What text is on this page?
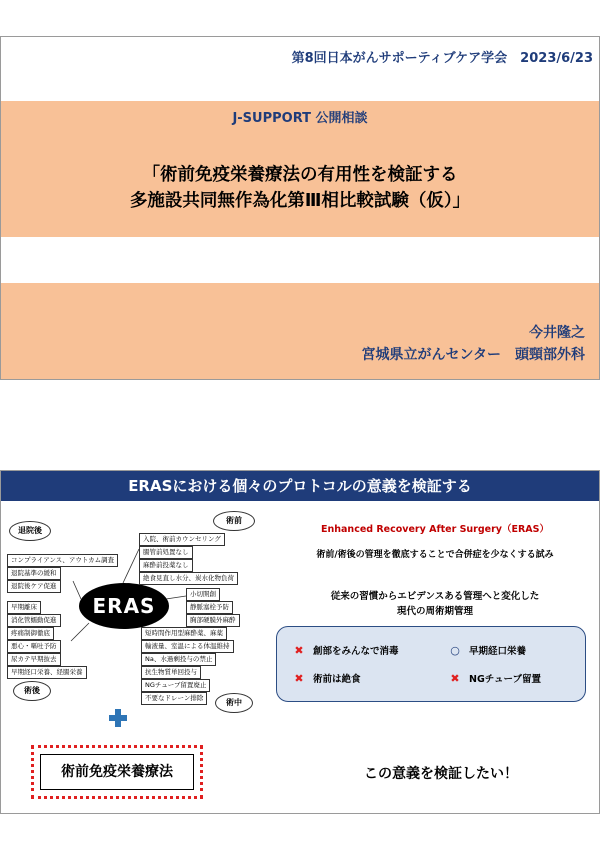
第8回日本がんサポーティブケア学会　2023/6/23
J-SUPPORT 公開相談
「術前免疫栄養療法の有用性を検証する
多施設共同無作為化第Ⅲ相比較試験（仮）」
今井隆之
宮城県立がんセンター　頭頸部外科
ERASにおける個々のプロトコルの意義を検証する
退院後
術前
術後
術中
ERAS
コンプライアンス、アウトカム調査
退院基準の緩和
退院後ケア促進
入院、術前カウンセリング
腸管前処置なし
麻酔前投薬なし
絶食見直し水分、炭水化物負荷
早期離床
消化管蠕動促進
疼痛制御徹底
悪心・嘔吐予防
尿カテ早期抜去
早期経口栄養、経腸栄養
小切開創
静脈塞栓予防
胸部硬膜外麻酔
短時間作用型麻酔薬、麻薬
輸液量、室温による体温維持
Na、水過剰投与の禁止
抗生物質単回投与
NGチューブ留置廃止
不要なドレーン排除
Enhanced Recovery After Surgery（ERAS）
術前/術後の管理を徹底することで合併症を少なくする試み
従来の習慣からエビデンスある管理へと変化した
現代の周術期管理
✖ 創部をみんなで消毒	○ 早期経口栄養
✖ 術前は絶食	✖ NGチューブ留置
術前免疫栄養療法	この意義を検証したい！
